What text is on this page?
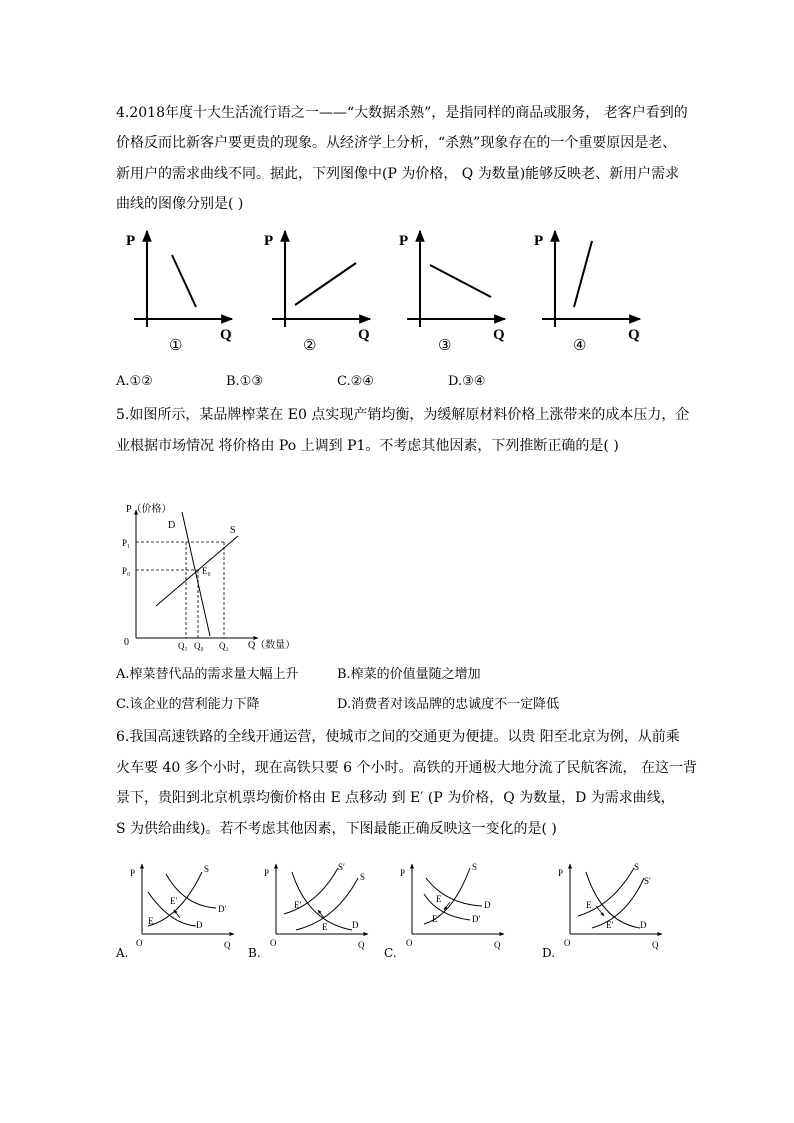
4.2018年度十大生活流行语之一——“大数据杀熟”，是指同样的商品或服务， 老客户看到的
价格反而比新客户要更贵的现象。从经济学上分析，“杀熟”现象存在的一个重要原因是老、
新用户的需求曲线不同。据此，下列图像中(P 为价格， Q 为数量)能够反映老、新用户需求
曲线的图像分别是( )
P
Q
①
P
Q
②
P
Q
③
P
Q
④
A.①②	B.①③	C.②④	D.③④
5.如图所示，某品牌榨菜在 E0 点实现产销均衡，为缓解原材料价格上涨带来的成本压力，企
业根据市场情况 将价格由 Po 上调到 P1。不考虑其他因素，下列推断正确的是( )
P（价格）
Q（数量）
0
D	S
P₁
P₀	E₀
Q₁ Q₀ Q₂
A.榨菜替代品的需求量大幅上升	B.榨菜的价值量随之增加
C.该企业的营利能力下降	D.消费者对该品牌的忠诚度不一定降低
6.我国高速铁路的全线开通运营，使城市之间的交通更为便捷。以贵 阳至北京为例，从前乘
火车要 40 多个小时，现在高铁只要 6 个小时。高铁的开通极大地分流了民航客流， 在这一背
景下，贵阳到北京机票均衡价格由 E 点移动 到 E′ (P 为价格，Q 为数量，D 为需求曲线，
S 为供给曲线)。若不考虑其他因素，下图最能正确反映这一变化的是( )
P
O	Q
S
D′
D
E′
E
A.
P
O	Q
S′
S
E′
E	D
B.
P
O	Q
S
D
D′
E
E′
C.
P
O	Q
S
S′
E
E′	D
D.
